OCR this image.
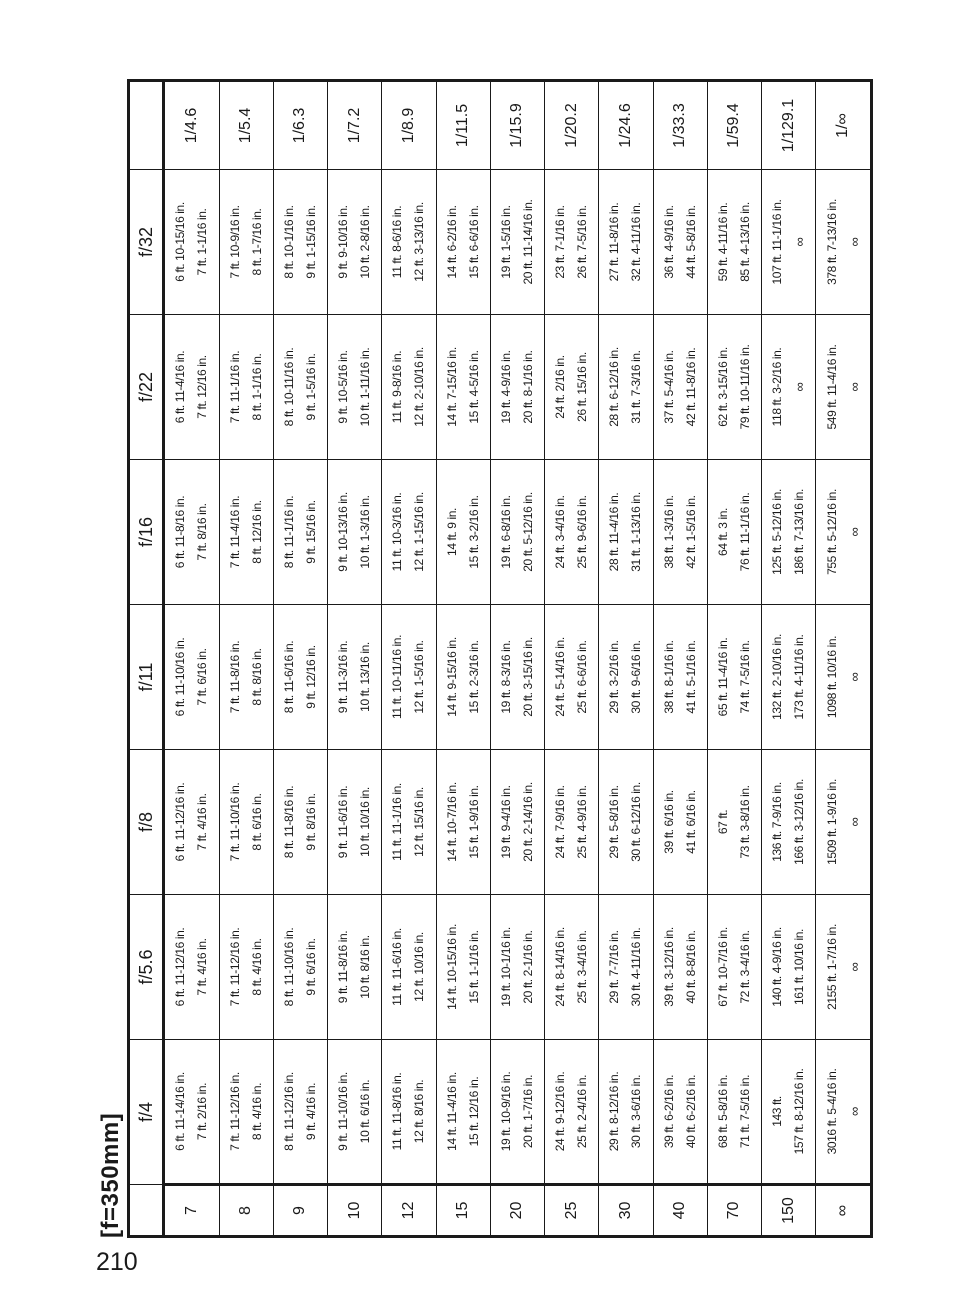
210
[f=350mm]
	f/4	f/5.6	f/8	f/11	f/16	f/22	f/32	
7	6 ft. 11-14/16 in. 7 ft. 2/16 in.	6 ft. 11-12/16 in. 7 ft. 4/16 in.	6 ft. 11-12/16 in. 7 ft. 4/16 in.	6 ft. 11-10/16 in. 7 ft. 6/16 in.	6 ft. 11-8/16 in. 7 ft. 8/16 in.	6 ft. 11-4/16 in. 7 ft. 12/16 in.	6 ft. 10-15/16 in. 7 ft. 1-1/16 in.	1/4.6
8	7 ft. 11-12/16 in. 8 ft. 4/16 in.	7 ft. 11-12/16 in. 8 ft. 4/16 in.	7 ft. 11-10/16 in. 8 ft. 6/16 in.	7 ft. 11-8/16 in. 8 ft. 8/16 in.	7 ft. 11-4/16 in. 8 ft. 12/16 in.	7 ft. 11-1/16 in. 8 ft. 1-1/16 in.	7 ft. 10-9/16 in. 8 ft. 1-7/16 in.	1/5.4
9	8 ft. 11-12/16 in. 9 ft. 4/16 in.	8 ft. 11-10/16 in. 9 ft. 6/16 in.	8 ft. 11-8/16 in. 9 ft. 8/16 in.	8 ft. 11-6/16 in. 9 ft. 12/16 in.	8 ft. 11-1/16 in. 9 ft. 15/16 in.	8 ft. 10-11/16 in. 9 ft. 1-5/16 in.	8 ft. 10-1/16 in. 9 ft. 1-15/16 in.	1/6.3
10	9 ft. 11-10/16 in. 10 ft. 6/16 in.	9 ft. 11-8/16 in. 10 ft. 8/16 in.	9 ft. 11-6/16 in. 10 ft. 10/16 in.	9 ft. 11-3/16 in. 10 ft. 13/16 in.	9 ft. 10-13/16 in. 10 ft. 1-3/16 in.	9 ft. 10-5/16 in. 10 ft. 1-11/16 in.	9 ft. 9-10/16 in. 10 ft. 2-8/16 in.	1/7.2
12	11 ft. 11-8/16 in. 12 ft. 8/16 in.	11 ft. 11-6/16 in. 12 ft. 10/16 in.	11 ft. 11-1/16 in. 12 ft. 15/16 in.	11 ft. 10-11/16 in. 12 ft. 1-5/16 in.	11 ft. 10-3/16 in. 12 ft. 1-15/16 in.	11 ft. 9-8/16 in. 12 ft. 2-10/16 in.	11 ft. 8-6/16 in. 12 ft. 3-13/16 in.	1/8.9
15	14 ft. 11-4/16 in. 15 ft. 12/16 in.	14 ft. 10-15/16 in. 15 ft. 1-1/16 in.	14 ft. 10-7/16 in. 15 ft. 1-9/16 in.	14 ft. 9-15/16 in. 15 ft. 2-3/16 in.	14 ft. 9 in. 15 ft. 3-2/16 in.	14 ft. 7-15/16 in. 15 ft. 4-5/16 in.	14 ft. 6-2/16 in. 15 ft. 6-6/16 in.	1/11.5
20	19 ft. 10-9/16 in. 20 ft. 1-7/16 in.	19 ft. 10-1/16 in. 20 ft. 2-1/16 in.	19 ft. 9-4/16 in. 20 ft. 2-14/16 in.	19 ft. 8-3/16 in. 20 ft. 3-15/16 in.	19 ft. 6-8/16 in. 20 ft. 5-12/16 in.	19 ft. 4-9/16 in. 20 ft. 8-1/16 in.	19 ft. 1-5/16 in. 20 ft. 11-14/16 in.	1/15.9
25	24 ft. 9-12/16 in. 25 ft. 2-4/16 in.	24 ft. 8-14/16 in. 25 ft. 3-4/16 in.	24 ft. 7-9/16 in. 25 ft. 4-9/16 in.	24 ft. 5-14/16 in. 25 ft. 6-6/16 in.	24 ft. 3-4/16 in. 25 ft. 9-6/16 in.	24 ft. 2/16 in. 26 ft. 15/16 in.	23 ft. 7-1/16 in. 26 ft. 7-5/16 in.	1/20.2
30	29 ft. 8-12/16 in. 30 ft. 3-6/16 in.	29 ft. 7-7/16 in. 30 ft. 4-11/16 in.	29 ft. 5-8/16 in. 30 ft. 6-12/16 in.	29 ft. 3-2/16 in. 30 ft. 9-6/16 in.	28 ft. 11-4/16 in. 31 ft. 1-13/16 in.	28 ft. 6-12/16 in. 31 ft. 7-3/16 in.	27 ft. 11-8/16 in. 32 ft. 4-11/16 in.	1/24.6
40	39 ft. 6-2/16 in. 40 ft. 6-2/16 in.	39 ft. 3-12/16 in. 40 ft. 8-8/16 in.	39 ft. 6/16 in. 41 ft. 6/16 in.	38 ft. 8-1/16 in. 41 ft. 5-1/16 in.	38 ft. 1-3/16 in. 42 ft. 1-5/16 in.	37 ft. 5-4/16 in. 42 ft. 11-8/16 in.	36 ft. 4-9/16 in. 44 ft. 5-8/16 in.	1/33.3
70	68 ft. 5-8/16 in. 71 ft. 7-5/16 in.	67 ft. 10-7/16 in. 72 ft. 3-4/16 in.	67 ft. 73 ft. 3-8/16 in.	65 ft. 11-4/16 in. 74 ft. 7-5/16 in.	64 ft. 3 in. 76 ft. 11-1/16 in.	62 ft. 3-15/16 in. 79 ft. 10-11/16 in.	59 ft. 4-11/16 in. 85 ft. 4-13/16 in.	1/59.4
150	143 ft. 157 ft. 8-12/16 in.	140 ft. 4-9/16 in. 161 ft. 10/16 in.	136 ft. 7-9/16 in. 166 ft. 3-12/16 in.	132 ft. 2-10/16 in. 173 ft. 4-11/16 in.	125 ft. 5-12/16 in. 186 ft. 7-13/16 in.	118 ft. 3-2/16 in. ∞	107 ft. 11-1/16 in. ∞	1/129.1
∞	3016 ft. 5-4/16 in. ∞	2155 ft. 1-7/16 in. ∞	1509 ft. 1-9/16 in. ∞	1098 ft. 10/16 in. ∞	755 ft. 5-12/16 in. ∞	549 ft. 11-4/16 in. ∞	378 ft. 7-13/16 in. ∞	1/∞
